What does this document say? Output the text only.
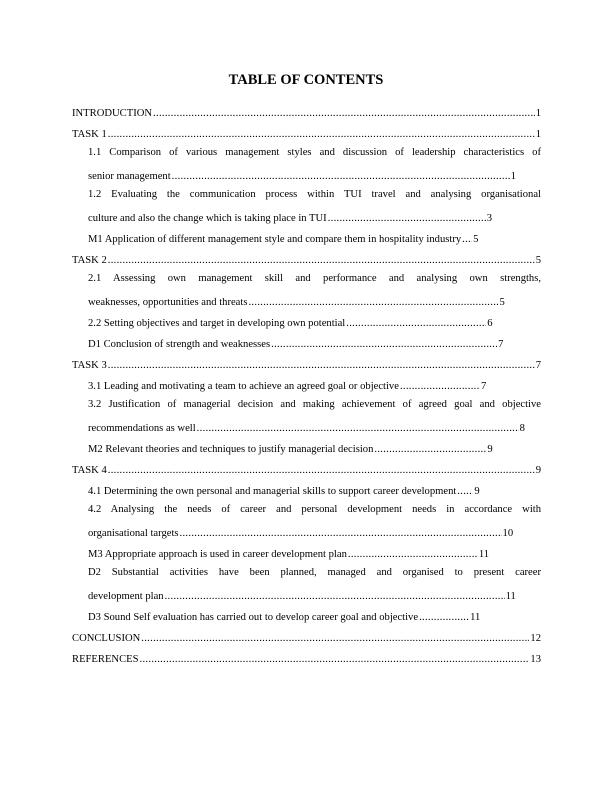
TABLE OF CONTENTS
INTRODUCTION .....	1
TASK 1 .....	1
1.1 Comparison of various management styles and discussion of leadership characteristics of
senior management .....	1
1.2 Evaluating the communication process within TUI travel and analysing organisational
culture and also the change which is taking place in TUI .....	3
M1 Application of different management style and compare them in hospitality industry ..... 5
TASK 2 .....	5
2.1 Assessing own management skill and performance and analysing own strengths,
weaknesses, opportunities and threats .....	5
2.2 Setting objectives and target in developing own potential .....	6
D1 Conclusion of strength and weaknesses .....	7
TASK 3 .....	7
3.1 Leading and motivating a team to achieve an agreed goal or objective .....	7
3.2 Justification of managerial decision and making achievement of agreed goal and objective
recommendations as well .....	8
M2 Relevant theories and techniques to justify managerial decision .....	9
TASK 4 .....	9
4.1 Determining the own personal and managerial skills to support career development ..... 9
4.2 Analysing the needs of career and personal development needs in accordance with
organisational targets .....	10
M3 Appropriate approach is used in career development plan .....	11
D2 Substantial activities have been planned, managed and organised to present career
development plan .....	11
D3 Sound Self evaluation has carried out to develop career goal and objective .....	11
CONCLUSION .....	12
REFERENCES .....	13
